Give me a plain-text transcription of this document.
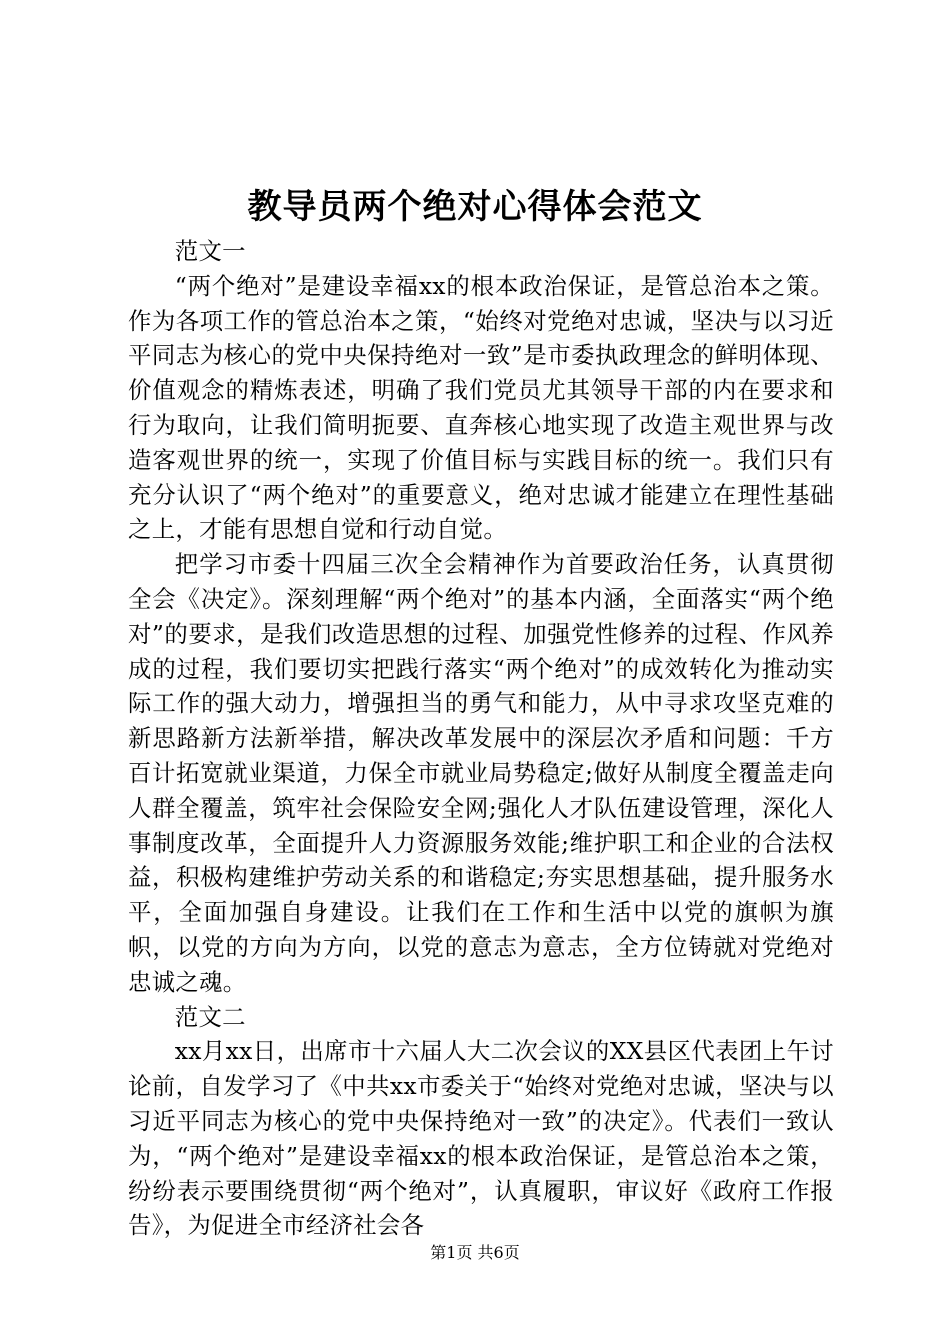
教导员两个绝对心得体会范文

范文一

“两个绝对”是建设幸福xx的根本政治保证，是管总治本之策。作为各项工作的管总治本之策，“始终对党绝对忠诚，坚决与以习近平同志为核心的党中央保持绝对一致”是市委执政理念的鲜明体现、价值观念的精炼表述，明确了我们党员尤其领导干部的内在要求和行为取向，让我们简明扼要、直奔核心地实现了改造主观世界与改造客观世界的统一，实现了价值目标与实践目标的统一。我们只有充分认识了“两个绝对”的重要意义，绝对忠诚才能建立在理性基础之上，才能有思想自觉和行动自觉。

把学习市委十四届三次全会精神作为首要政治任务，认真贯彻全会《决定》。深刻理解“两个绝对”的基本内涵，全面落实“两个绝对”的要求，是我们改造思想的过程、加强党性修养的过程、作风养成的过程，我们要切实把践行落实“两个绝对”的成效转化为推动实际工作的强大动力，增强担当的勇气和能力，从中寻求攻坚克难的新思路新方法新举措，解决改革发展中的深层次矛盾和问题：千方百计拓宽就业渠道，力保全市就业局势稳定;做好从制度全覆盖走向人群全覆盖，筑牢社会保险安全网;强化人才队伍建设管理，深化人事制度改革，全面提升人力资源服务效能;维护职工和企业的合法权益，积极构建维护劳动关系的和谐稳定;夯实思想基础，提升服务水平，全面加强自身建设。让我们在工作和生活中以党的旗帜为旗帜，以党的方向为方向，以党的意志为意志，全方位铸就对党绝对忠诚之魂。

范文二

xx月xx日，出席市十六届人大二次会议的XX县区代表团上午讨论前，自发学习了《中共xx市委关于“始终对党绝对忠诚，坚决与以习近平同志为核心的党中央保持绝对一致”的决定》。代表们一致认为，“两个绝对”是建设幸福xx的根本政治保证，是管总治本之策，纷纷表示要围绕贯彻“两个绝对”，认真履职，审议好《政府工作报告》，为促进全市经济社会各

第1页 共6页
